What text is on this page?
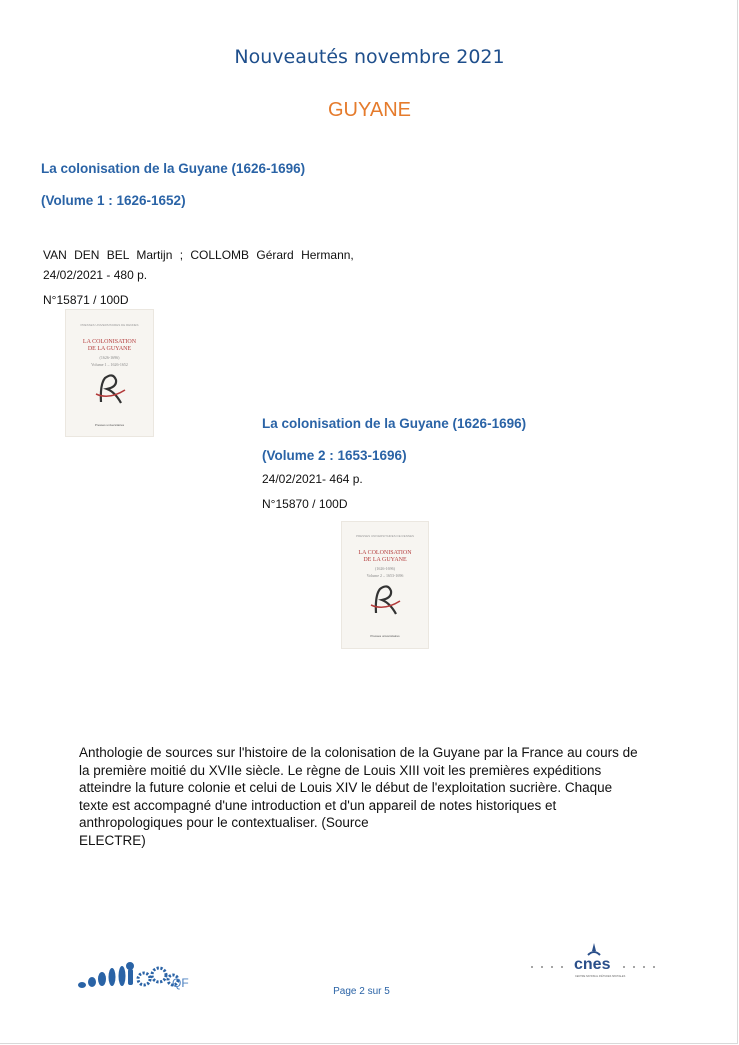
Nouveautés novembre 2021
GUYANE
La colonisation de la Guyane (1626-1696)
(Volume 1 : 1626-1652)
VAN DEN BEL Martijn ; COLLOMB Gérard Hermann,
24/02/2021 - 480 p.
N°15871 / 100D
PRESSES UNIVERSITAIRES DE RENNES
LA COLONISATION
DE LA GUYANE
(1626-1696)
Volume 1 – 1626-1652
Presses universitaires	La colonisation de la Guyane (1626-1696)
(Volume 2 : 1653-1696)
24/02/2021- 464 p.
N°15870 / 100D
PRESSES UNIVERSITAIRES DE RENNES
LA COLONISATION
DE LA GUYANE
(1626-1696)
Volume 2 – 1653-1696
Presses universitaires
Anthologie de sources sur l'histoire de la colonisation de la Guyane par la France au cours de la première moitié du XVIIe siècle. Le règne de Louis XIII voit les premières expéditions atteindre la future colonie et celui de Louis XIV le début de l'exploitation sucrière. Chaque texte est accompagné d'une introduction et d'un appareil de notes historiques et anthropologiques pour le contextualiser. (Source
ELECTRE)
QF
Page 2 sur 5
cnes
CENTRE NATIONAL D'ÉTUDES SPATIALES
